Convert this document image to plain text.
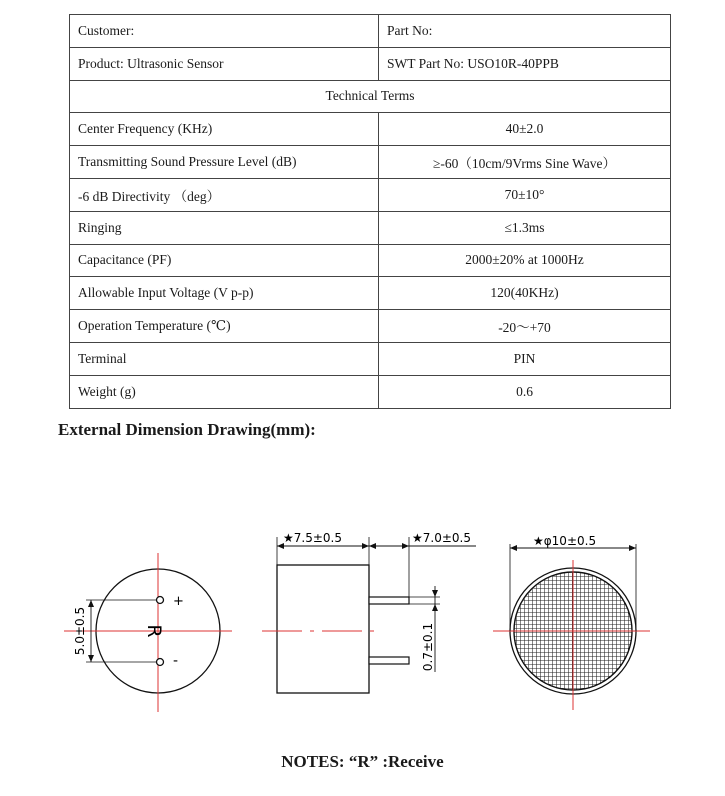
Customer:	Part No:
Product: Ultrasonic Sensor	SWT Part No: USO10R-40PPB
Technical Terms	
Center Frequency (KHz)	40±2.0
Transmitting Sound Pressure Level (dB)	≥-60（10cm/9Vrms Sine Wave）
-6 dB Directivity （deg）	70±10°
Ringing	≤1.3ms
Capacitance (PF)	2000±20% at 1000Hz
Allowable Input Voltage (V p-p)	120(40KHz)
Operation Temperature (℃)	-20～+70
Terminal	PIN
Weight (g)	0.6
External Dimension Drawing(mm):
+
-
R
5.0±0.5
★7.5±0.5	★7.0±0.5
0.7±0.1
★φ10±0.5
NOTES: “R” :Receive
